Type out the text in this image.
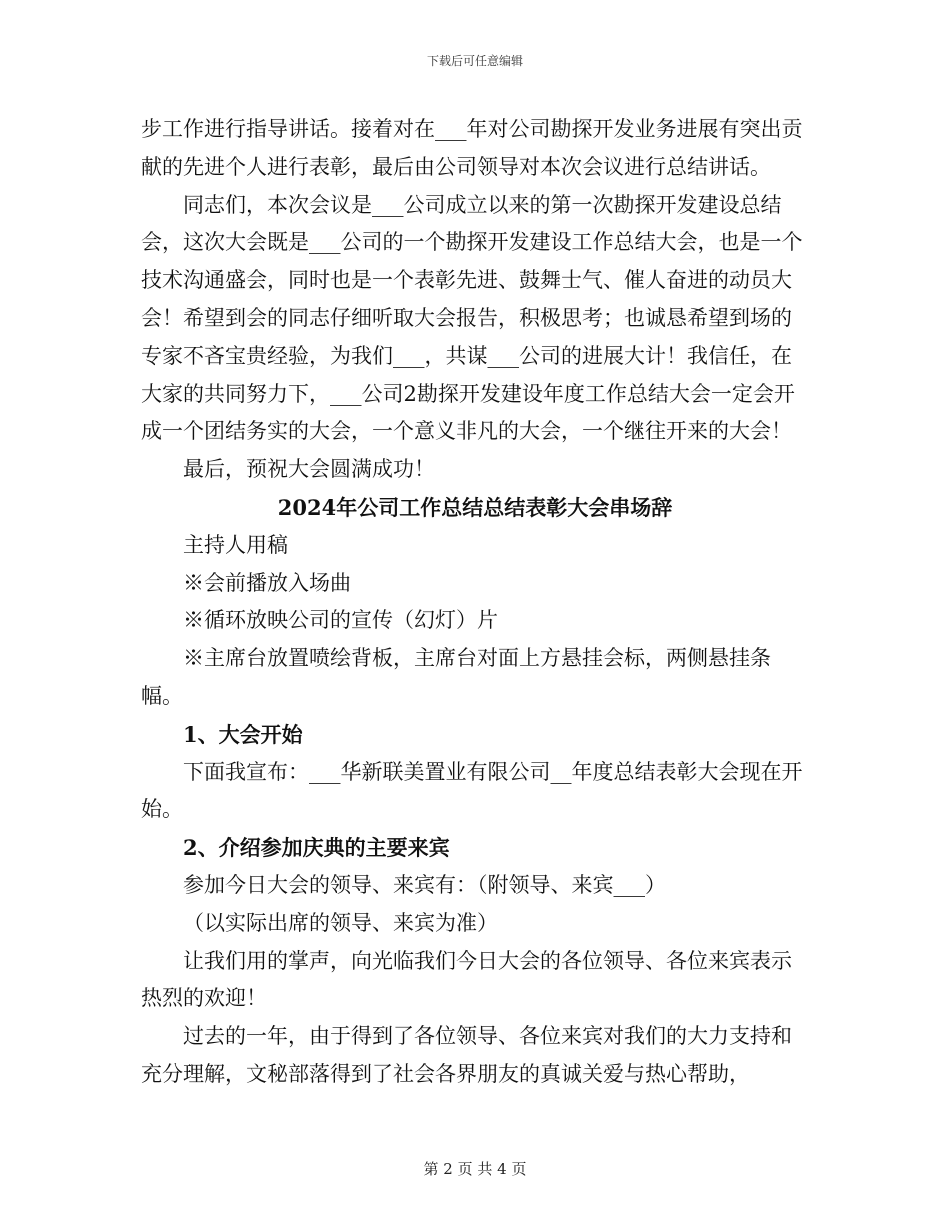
下载后可任意编辑

步工作进行指导讲话。接着对在___年对公司勘探开发业务进展有突出贡献的先进个人进行表彰，最后由公司领导对本次会议进行总结讲话。

同志们，本次会议是___公司成立以来的第一次勘探开发建设总结会，这次大会既是___公司的一个勘探开发建设工作总结大会，也是一个技术沟通盛会，同时也是一个表彰先进、鼓舞士气、催人奋进的动员大会！希望到会的同志仔细听取大会报告，积极思考；也诚恳希望到场的专家不吝宝贵经验，为我们___，共谋___公司的进展大计！我信任，在大家的共同努力下，___公司2勘探开发建设年度工作总结大会一定会开成一个团结务实的大会，一个意义非凡的大会，一个继往开来的大会！

最后，预祝大会圆满成功！

2024年公司工作总结总结表彰大会串场辞

主持人用稿

※会前播放入场曲

※循环放映公司的宣传（幻灯）片

※主席台放置喷绘背板，主席台对面上方悬挂会标，两侧悬挂条幅。

1、大会开始

下面我宣布：___华新联美置业有限公司__年度总结表彰大会现在开始。

2、介绍参加庆典的主要来宾

参加今日大会的领导、来宾有：（附领导、来宾___）

（以实际出席的领导、来宾为准）

让我们用的掌声，向光临我们今日大会的各位领导、各位来宾表示热烈的欢迎！

过去的一年，由于得到了各位领导、各位来宾对我们的大力支持和充分理解，文秘部落得到了社会各界朋友的真诚关爱与热心帮助，

第 2 页 共 4 页
